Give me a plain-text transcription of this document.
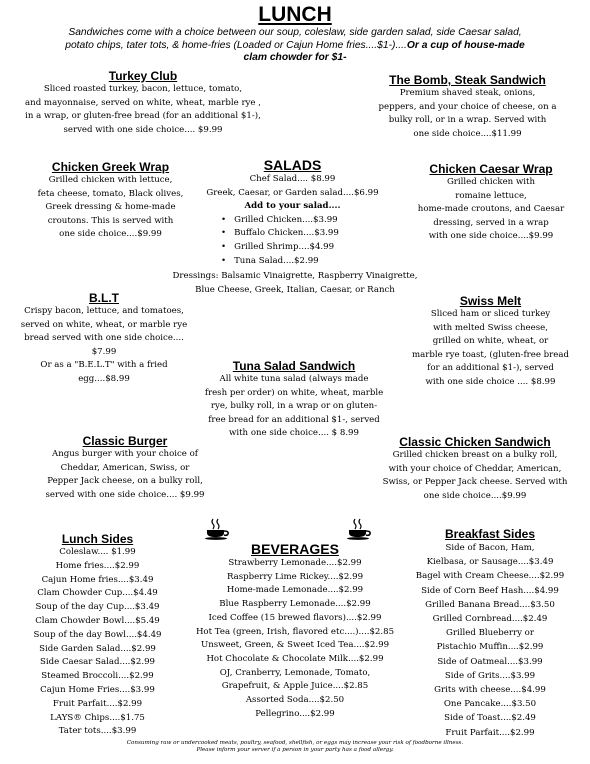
LUNCH
Sandwiches come with a choice between our soup, coleslaw, side garden salad, side Caesar salad,
potato chips, tater tots, & home-fries (Loaded or Cajun Home fries....$1-)....Or a cup of house-made
clam chowder for $1-
Turkey Club
Sliced roasted turkey, bacon, lettuce, tomato,
and mayonnaise, served on white, wheat, marble rye ,
in a wrap, or gluten-free bread (for an additional $1-),
served with one side choice.... $9.99
The Bomb, Steak Sandwich
Premium shaved steak, onions,
peppers, and your choice of cheese, on a
bulky roll, or in a wrap. Served with
one side choice....$11.99
Chicken Greek Wrap
Grilled chicken with lettuce,
feta cheese, tomato, Black olives,
Greek dressing & home-made
croutons. This is served with
one side choice....$9.99
SALADS
Chef Salad.... $8.99
Greek, Caesar, or Garden salad....$6.99
Add to your salad....
• Grilled Chicken....$3.99
• Buffalo Chicken....$3.99
• Grilled Shrimp....$4.99
• Tuna Salad....$2.99
Dressings: Balsamic Vinaigrette, Raspberry Vinaigrette,
Blue Cheese, Greek, Italian, Caesar, or Ranch
Chicken Caesar Wrap
Grilled chicken with
romaine lettuce,
home-made croutons, and Caesar
dressing, served in a wrap
with one side choice....$9.99
B.L.T
Crispy bacon, lettuce, and tomatoes,
served on white, wheat, or marble rye
bread served with one side choice....
$7.99
Or as a "B.E.L.T" with a fried
egg....$8.99
Swiss Melt
Sliced ham or sliced turkey
with melted Swiss cheese,
grilled on white, wheat, or
marble rye toast, (gluten-free bread
for an additional $1-), served
with one side choice .... $8.99
Tuna Salad Sandwich
All white tuna salad (always made
fresh per order) on white, wheat, marble
rye, bulky roll, in a wrap or on gluten-
free bread for an additional $1-, served
with one side choice.... $ 8.99
Classic Burger
Angus burger with your choice of
Cheddar, American, Swiss, or
Pepper Jack cheese, on a bulky roll,
served with one side choice.... $9.99
Classic Chicken Sandwich
Grilled chicken breast on a bulky roll,
with your choice of Cheddar, American,
Swiss, or Pepper Jack cheese. Served with
one side choice....$9.99
Lunch Sides
Coleslaw.... $1.99
Home fries....$2.99
Cajun Home fries....$3.49
Clam Chowder Cup....$4.49
Soup of the day Cup....$3.49
Clam Chowder Bowl....$5.49
Soup of the day Bowl....$4.49
Side Garden Salad....$2.99
Side Caesar Salad....$2.99
Steamed Broccoli....$2.99
Cajun Home Fries....$3.99
Fruit Parfait....$2.99
LAYS® Chips....$1.75
Tater tots....$3.99
BEVERAGES
Strawberry Lemonade....$2.99
Raspberry Lime Rickey....$2.99
Home-made Lemonade....$2.99
Blue Raspberry Lemonade....$2.99
Iced Coffee (15 brewed flavors)....$2.99
Hot Tea (green, Irish, flavored etc....)....$2.85
Unsweet, Green, & Sweet Iced Tea....$2.99
Hot Chocolate & Chocolate Milk....$2.99
OJ, Cranberry, Lemonade, Tomato,
Grapefruit, & Apple Juice....$2.85
Assorted Soda....$2.50
Pellegrino....$2.99
Breakfast Sides
Side of Bacon, Ham,
Kielbasa, or Sausage....$3.49
Bagel with Cream Cheese....$2.99
Side of Corn Beef Hash....$4.99
Grilled Banana Bread....$3.50
Grilled Cornbread....$2.49
Grilled Blueberry or
Pistachio Muffin....$2.99
Side of Oatmeal....$3.99
Side of Grits....$3.99
Grits with cheese....$4.99
One Pancake....$3.50
Side of Toast....$2.49
Fruit Parfait....$2.99
Consuming raw or undercooked meats, poultry, seafood, shellfish, or eggs may increase your risk of foodborne illness.
Please inform your server if a person in your party has a food allergy.
